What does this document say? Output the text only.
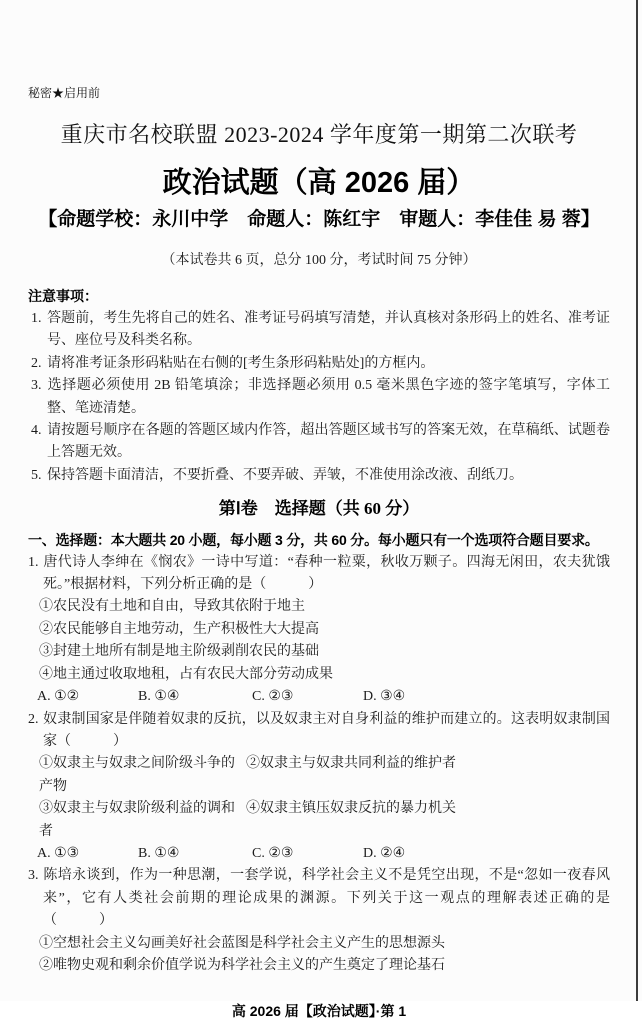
秘密★启用前
重庆市名校联盟 2023-2024 学年度第一期第二次联考
政治试题（高 2026 届）
【命题学校：永川中学　命题人：陈红宇　审题人：李佳佳 易 蓉】
（本试卷共 6 页，总分 100 分，考试时间 75 分钟）
注意事项：
1. 答题前，考生先将自己的姓名、准考证号码填写清楚，并认真核对条形码上的姓名、准考证号、座位号及科类名称。
2. 请将准考证条形码粘贴在右侧的[考生条形码粘贴处]的方框内。
3. 选择题必须使用 2B 铅笔填涂；非选择题必须用 0.5 毫米黑色字迹的签字笔填写，字体工整、笔迹清楚。
4. 请按题号顺序在各题的答题区域内作答，超出答题区域书写的答案无效，在草稿纸、试题卷上答题无效。
5. 保持答题卡面清洁，不要折叠、不要弄破、弄皱，不准使用涂改液、刮纸刀。
第Ⅰ卷　选择题（共 60 分）
一、选择题：本大题共 20 小题，每小题 3 分，共 60 分。每小题只有一个选项符合题目要求。
1. 唐代诗人李绅在《悯农》一诗中写道：“春种一粒粟，秋收万颗子。四海无闲田，农夫犹饿死。”根据材料，下列分析正确的是（　　　）
①农民没有土地和自由，导致其依附于地主
②农民能够自主地劳动，生产积极性大大提高
③封建土地所有制是地主阶级剥削农民的基础
④地主通过收取地租，占有农民大部分劳动成果
A. ①②	B. ①④	C. ②③	D. ③④
2. 奴隶制国家是伴随着奴隶的反抗，以及奴隶主对自身利益的维护而建立的。这表明奴隶制国家（　　　）
①奴隶主与奴隶之间阶级斗争的产物
②奴隶主与奴隶共同利益的维护者
③奴隶主与奴隶阶级利益的调和者
④奴隶主镇压奴隶反抗的暴力机关
A. ①③	B. ①④	C. ②③	D. ②④
3. 陈培永谈到，作为一种思潮，一套学说，科学社会主义不是凭空出现，不是“忽如一夜春风来”，它有人类社会前期的理论成果的渊源。下列关于这一观点的理解表述正确的是（　　　）
①空想社会主义勾画美好社会蓝图是科学社会主义产生的思想源头
②唯物史观和剩余价值学说为科学社会主义的产生奠定了理论基石
高 2026 届【政治试题】·第 1
